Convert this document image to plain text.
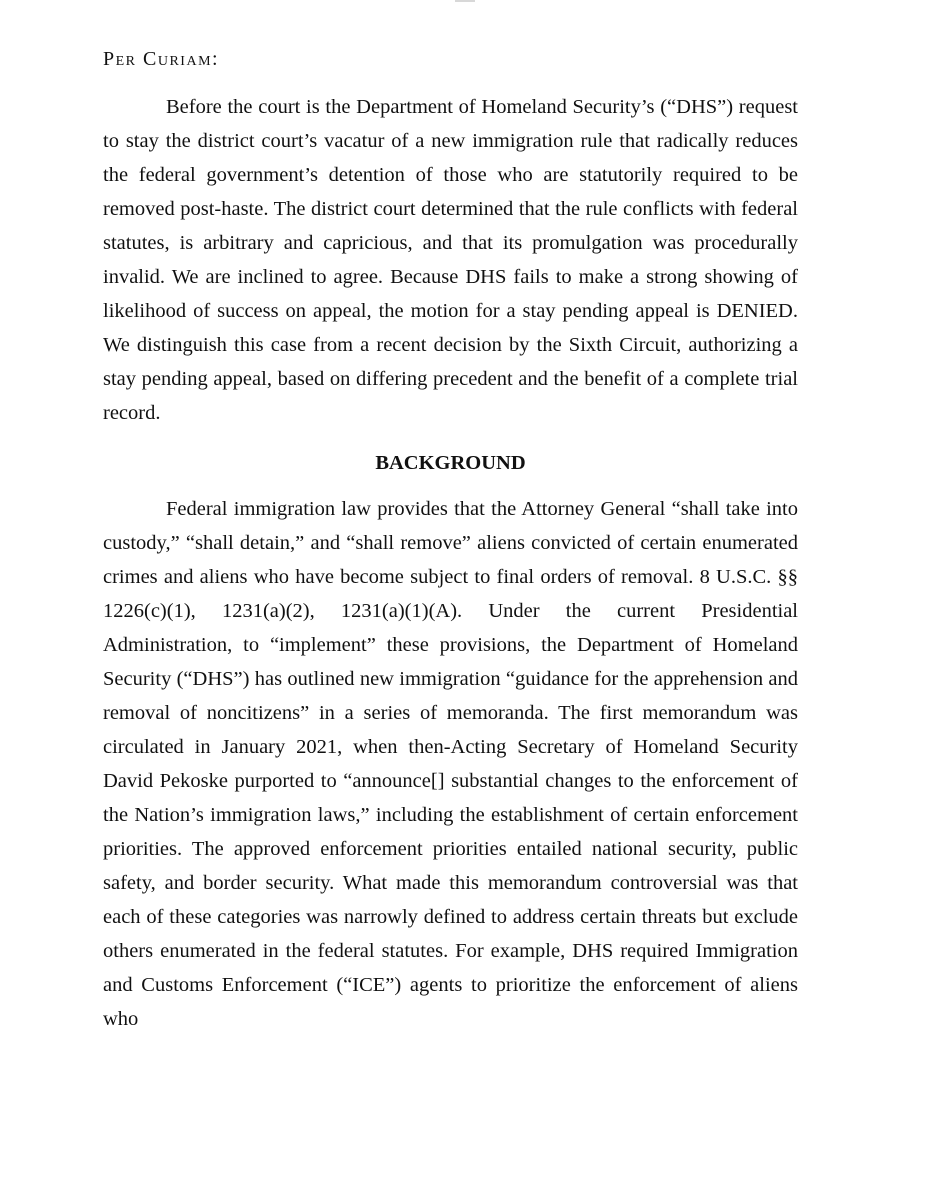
Per Curiam:

Before the court is the Department of Homeland Security’s (“DHS”) request to stay the district court’s vacatur of a new immigration rule that radically reduces the federal government’s detention of those who are statutorily required to be removed post-haste. The district court determined that the rule conflicts with federal statutes, is arbitrary and capricious, and that its promulgation was procedurally invalid. We are inclined to agree. Because DHS fails to make a strong showing of likelihood of success on appeal, the motion for a stay pending appeal is DENIED. We distinguish this case from a recent decision by the Sixth Circuit, authorizing a stay pending appeal, based on differing precedent and the benefit of a complete trial record.

BACKGROUND

Federal immigration law provides that the Attorney General “shall take into custody,” “shall detain,” and “shall remove” aliens convicted of certain enumerated crimes and aliens who have become subject to final orders of removal. 8 U.S.C. §§ 1226(c)(1), 1231(a)(2), 1231(a)(1)(A). Under the current Presidential Administration, to “implement” these provisions, the Department of Homeland Security (“DHS”) has outlined new immigration “guidance for the apprehension and removal of noncitizens” in a series of memoranda. The first memorandum was circulated in January 2021, when then-Acting Secretary of Homeland Security David Pekoske purported to “announce[] substantial changes to the enforcement of the Nation’s immigration laws,” including the establishment of certain enforcement priorities. The approved enforcement priorities entailed national security, public safety, and border security. What made this memorandum controversial was that each of these categories was narrowly defined to address certain threats but exclude others enumerated in the federal statutes. For example, DHS required Immigration and Customs Enforcement (“ICE”) agents to prioritize the enforcement of aliens who
